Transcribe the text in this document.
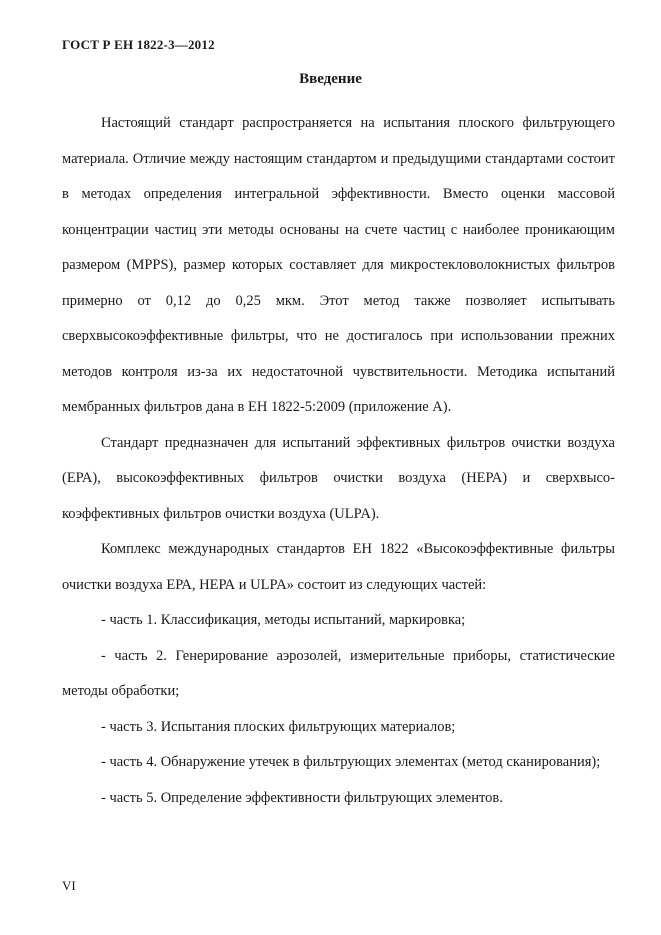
ГОСТ Р ЕН 1822-3—2012
Введение

Настоящий стандарт распространяется на испытания плоского фильтрующего материала. Отличие между настоящим стандартом и предыдущими стандартами состоит в методах определения интегральной эффективности. Вместо оценки массовой концентрации частиц эти методы основаны на счете частиц с наиболее проникающим размером (MPPS), размер которых составляет для микростекловолокнистых фильтров примерно от 0,12 до 0,25 мкм. Этот метод также позволяет испытывать сверхвысокоэффективные фильтры, что не достигалось при использовании прежних методов контроля из-за их недостаточной чувствительности. Методика испытаний мембранных фильтров дана в ЕН 1822-5:2009 (приложение А).

Стандарт предназначен для испытаний эффективных фильтров очистки воздуха (ЕРА), высокоэффективных фильтров очистки воздуха (НЕРА) и сверхвысокоэффективных фильтров очистки воздуха (ULPA).

Комплекс международных стандартов ЕН 1822 «Высокоэффективные фильтры очистки воздуха ЕРА, НЕРА и ULPA» состоит из следующих частей:

- часть 1. Классификация, методы испытаний, маркировка;

- часть 2. Генерирование аэрозолей, измерительные приборы, статистические методы обработки;

- часть 3. Испытания плоских фильтрующих материалов;

- часть 4. Обнаружение утечек в фильтрующих элементах (метод сканирования);

- часть 5. Определение эффективности фильтрующих элементов.

VI
